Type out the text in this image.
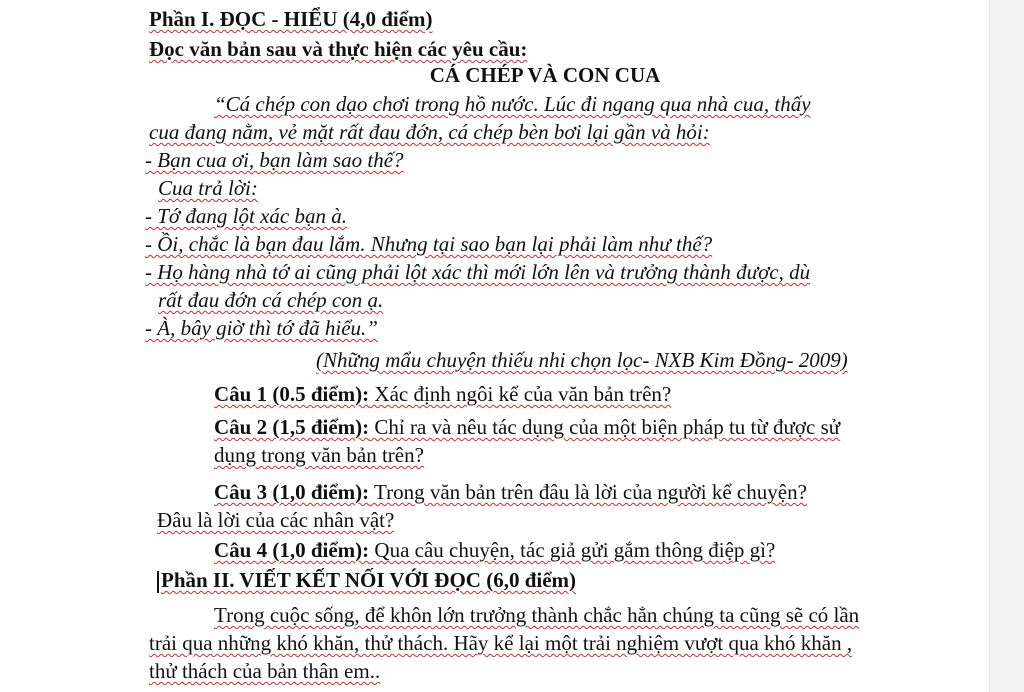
Phần I. ĐỌC - HIỂU (4,0 điểm)
Đọc văn bản sau và thực hiện các yêu cầu:
CÁ CHÉP VÀ CON CUA
“Cá chép con dạo chơi trong hồ nước. Lúc đi ngang qua nhà cua, thấy
cua đang nằm, vẻ mặt rất đau đớn, cá chép bèn bơi lại gần và hỏi:
- Bạn cua ơi, bạn làm sao thế?
Cua trả lời:
- Tớ đang lột xác bạn à.
- Ồi, chắc là bạn đau lắm. Nhưng tại sao bạn lại phải làm như thế?
- Họ hàng nhà tớ ai cũng phải lột xác thì mới lớn lên và trưởng thành được, dù
rất đau đớn cá chép con ạ.
- À, bây giờ thì tớ đã hiểu.”
(Những mẩu chuyện thiếu nhi chọn lọc- NXB Kim Đồng- 2009)
Câu 1 (0.5 điểm): Xác định ngôi kể của văn bản trên?
Câu 2 (1,5 điểm): Chỉ ra và nêu tác dụng của một biện pháp tu từ được sử
dụng trong văn bản trên?
Câu 3 (1,0 điểm): Trong văn bản trên đâu là lời của người kể chuyện?
Đâu là lời của các nhân vật?
Câu 4 (1,0 điểm): Qua câu chuyện, tác giả gửi gắm thông điệp gì?
Phần II. VIẾT KẾT NỐI VỚI ĐỌC (6,0 điểm)
Trong cuộc sống, để khôn lớn trưởng thành chắc hẳn chúng ta cũng sẽ có lần
trải qua những khó khăn, thử thách. Hãy kể lại một trải nghiệm vượt qua khó khăn ,
thử thách của bản thân em..
